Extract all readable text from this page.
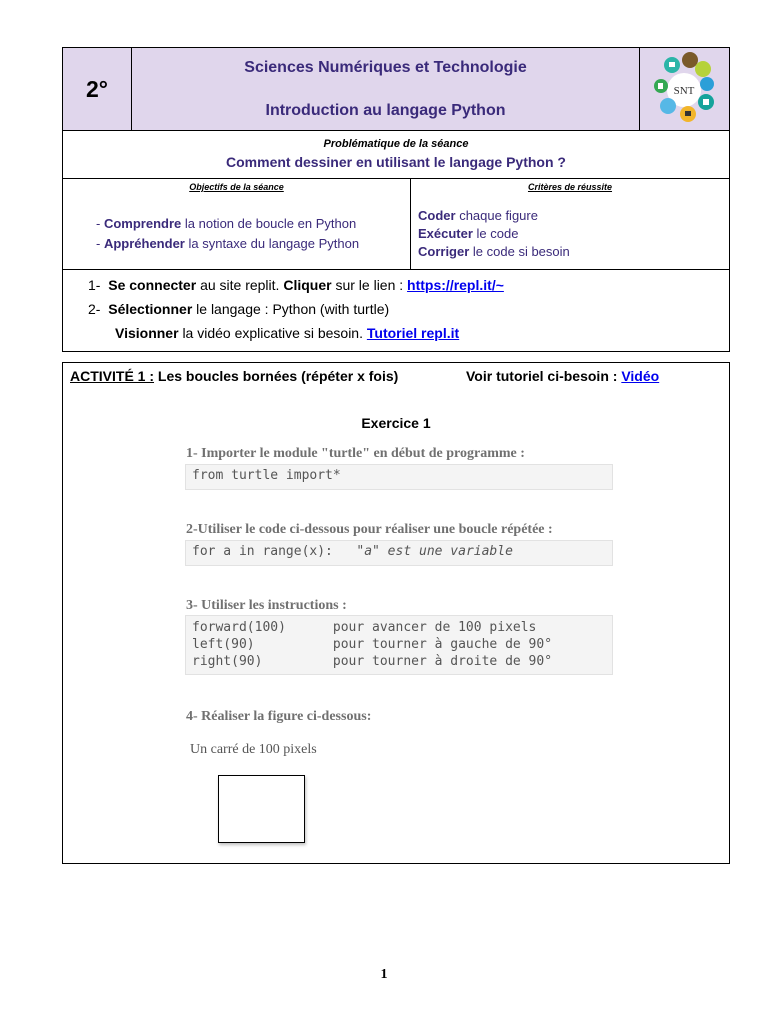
2°
Sciences Numériques et Technologie
Introduction au langage Python
SNT
Problématique de la séance
Comment dessiner en utilisant le langage Python ?
Objectifs de la séance
- Comprendre la notion de boucle en Python
- Appréhender la syntaxe du langage Python
Critères de réussite
Coder chaque figure
Exécuter le code
Corriger le code si besoin
1- Se connecter au site replit. Cliquer sur le lien : https://repl.it/~
2- Sélectionner le langage : Python (with turtle)
Visionner la vidéo explicative si besoin. Tutoriel repl.it
ACTIVITÉ 1 : Les boucles bornées (répéter x fois)	Voir tutoriel ci-besoin : Vidéo
Exercice 1
1- Importer le module "turtle" en début de programme :
from turtle import*
2-Utiliser le code ci-dessous pour réaliser une boucle répétée :
for a in range(x): "a" est une variable
3- Utiliser les instructions :
forward(100)      pour avancer de 100 pixels
left(90)          pour tourner à gauche de 90°
right(90)         pour tourner à droite de 90°
4- Réaliser la figure ci-dessous:
Un carré de 100 pixels
1
